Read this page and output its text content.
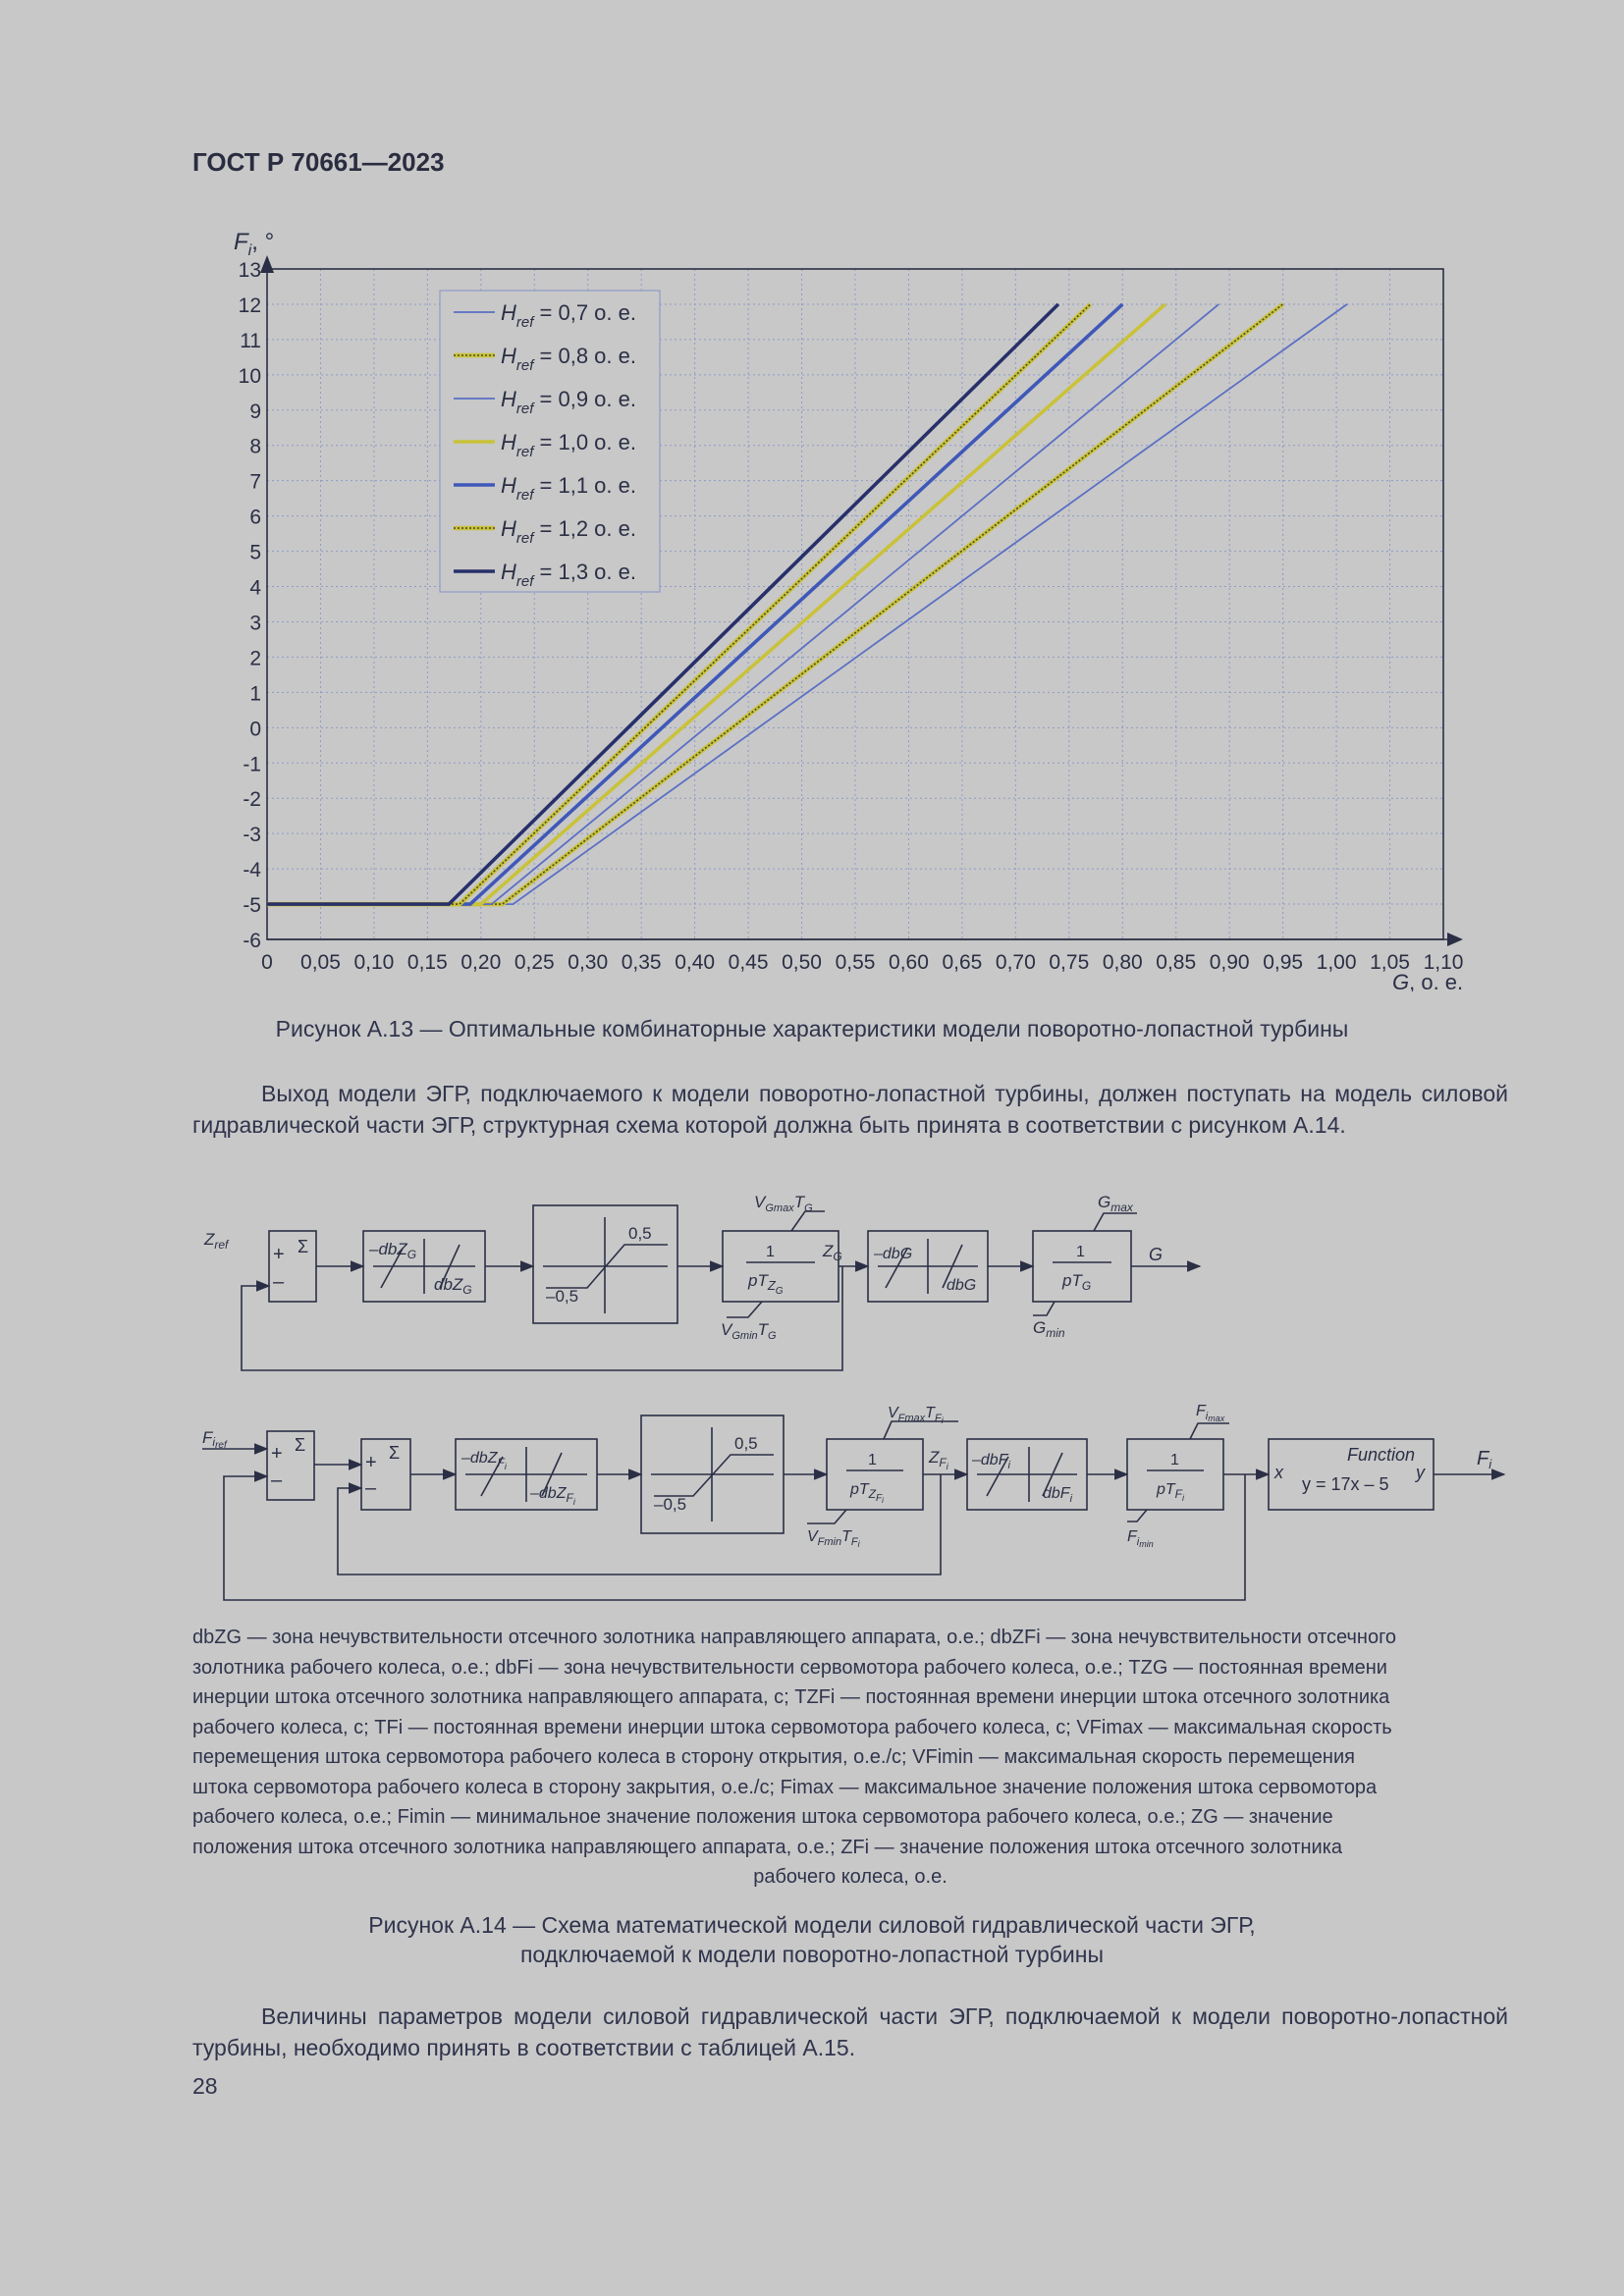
ГОСТ Р 70661—2023
0 0,05 0,10 0,15 0,20 0,25 0,30 0,35 0,40 0,45 0,50 0,55 0,60 0,65 0,70 0,75 0,80 0,85 0,90 0,95 1,00 1,05 1,10
-6
-5
-4
-3
-2
-1
0
1
2
3
4
5
6
7
8
9
10
11
12
13
$F_i$, °
G, о. е.
$H_{ref} = 0,7$ о. е.
$H_{ref} = 0,8$ о. е.
$H_{ref} = 0,9$ о. е.
$H_{ref} = 1,0$ о. е.
$H_{ref} = 1,1$ о. е.
$H_{ref} = 1,2$ о. е.
$H_{ref} = 1,3$ о. е.
Рисунок А.13 — Оптимальные комбинаторные характеристики модели поворотно-лопастной турбины
Выход модели ЭГР, подключаемого к модели поворотно-лопастной турбины, должен поступать на модель силовой гидравлической части ЭГР, структурная схема которой должна быть принята в соответствии с рисунком А.14.
$Z_{ref}$	Σ
+
–
–dbZ$_G$
dbZ$_G$
0,5
–0,5
1
$pT_{ZG}$
$V_{Gmax}T_G$
$V_{Gmin}T_G$
$Z_G$ –dbG
dbG
1
$pT_G$
$G_{max}$
$G_{min}$
G
Firef	Σ
+
–
Σ
+
–
–dbZ$_F$i
–dbZ$_F$i
0,5
–0,5
1
$pT_ZFi$
$V_{Fmax}T_Fi$
$V_{Fmin}T_Fi$
$Z_Fi$ –dbF$_i$
dbF$_i$
1
$pT_Fi$
$F_i\max$
$F_i\min$
Function
x	y
y = 17x – 5
$F_i$
dbZG — зона нечувствительности отсечного золотника направляющего аппарата, о.е.; dbZFi — зона нечувствительности отсечного
золотника рабочего колеса, о.е.; dbFi — зона нечувствительности сервомотора рабочего колеса, о.е.; TZG — постоянная времени
инерции штока отсечного золотника направляющего аппарата, с; TZFi — постоянная времени инерции штока отсечного золотника
рабочего колеса, с; TFi — постоянная времени инерции штока сервомотора рабочего колеса, с; VFimax — максимальная скорость
перемещения штока сервомотора рабочего колеса в сторону открытия, о.е./с; VFimin — максимальная скорость перемещения
штока сервомотора рабочего колеса в сторону закрытия, о.е./с; Fimax — максимальное значение положения штока сервомотора
рабочего колеса, о.е.; Fimin — минимальное значение положения штока сервомотора рабочего колеса, о.е.; ZG — значение
положения штока отсечного золотника направляющего аппарата, о.е.; ZFi — значение положения штока отсечного золотника
рабочего колеса, о.е.
Рисунок А.14 — Схема математической модели силовой гидравлической части ЭГР,
подключаемой к модели поворотно-лопастной турбины
Величины параметров модели силовой гидравлической части ЭГР, подключаемой к модели поворотно-лопастной турбины, необходимо принять в соответствии с таблицей А.15.
28
